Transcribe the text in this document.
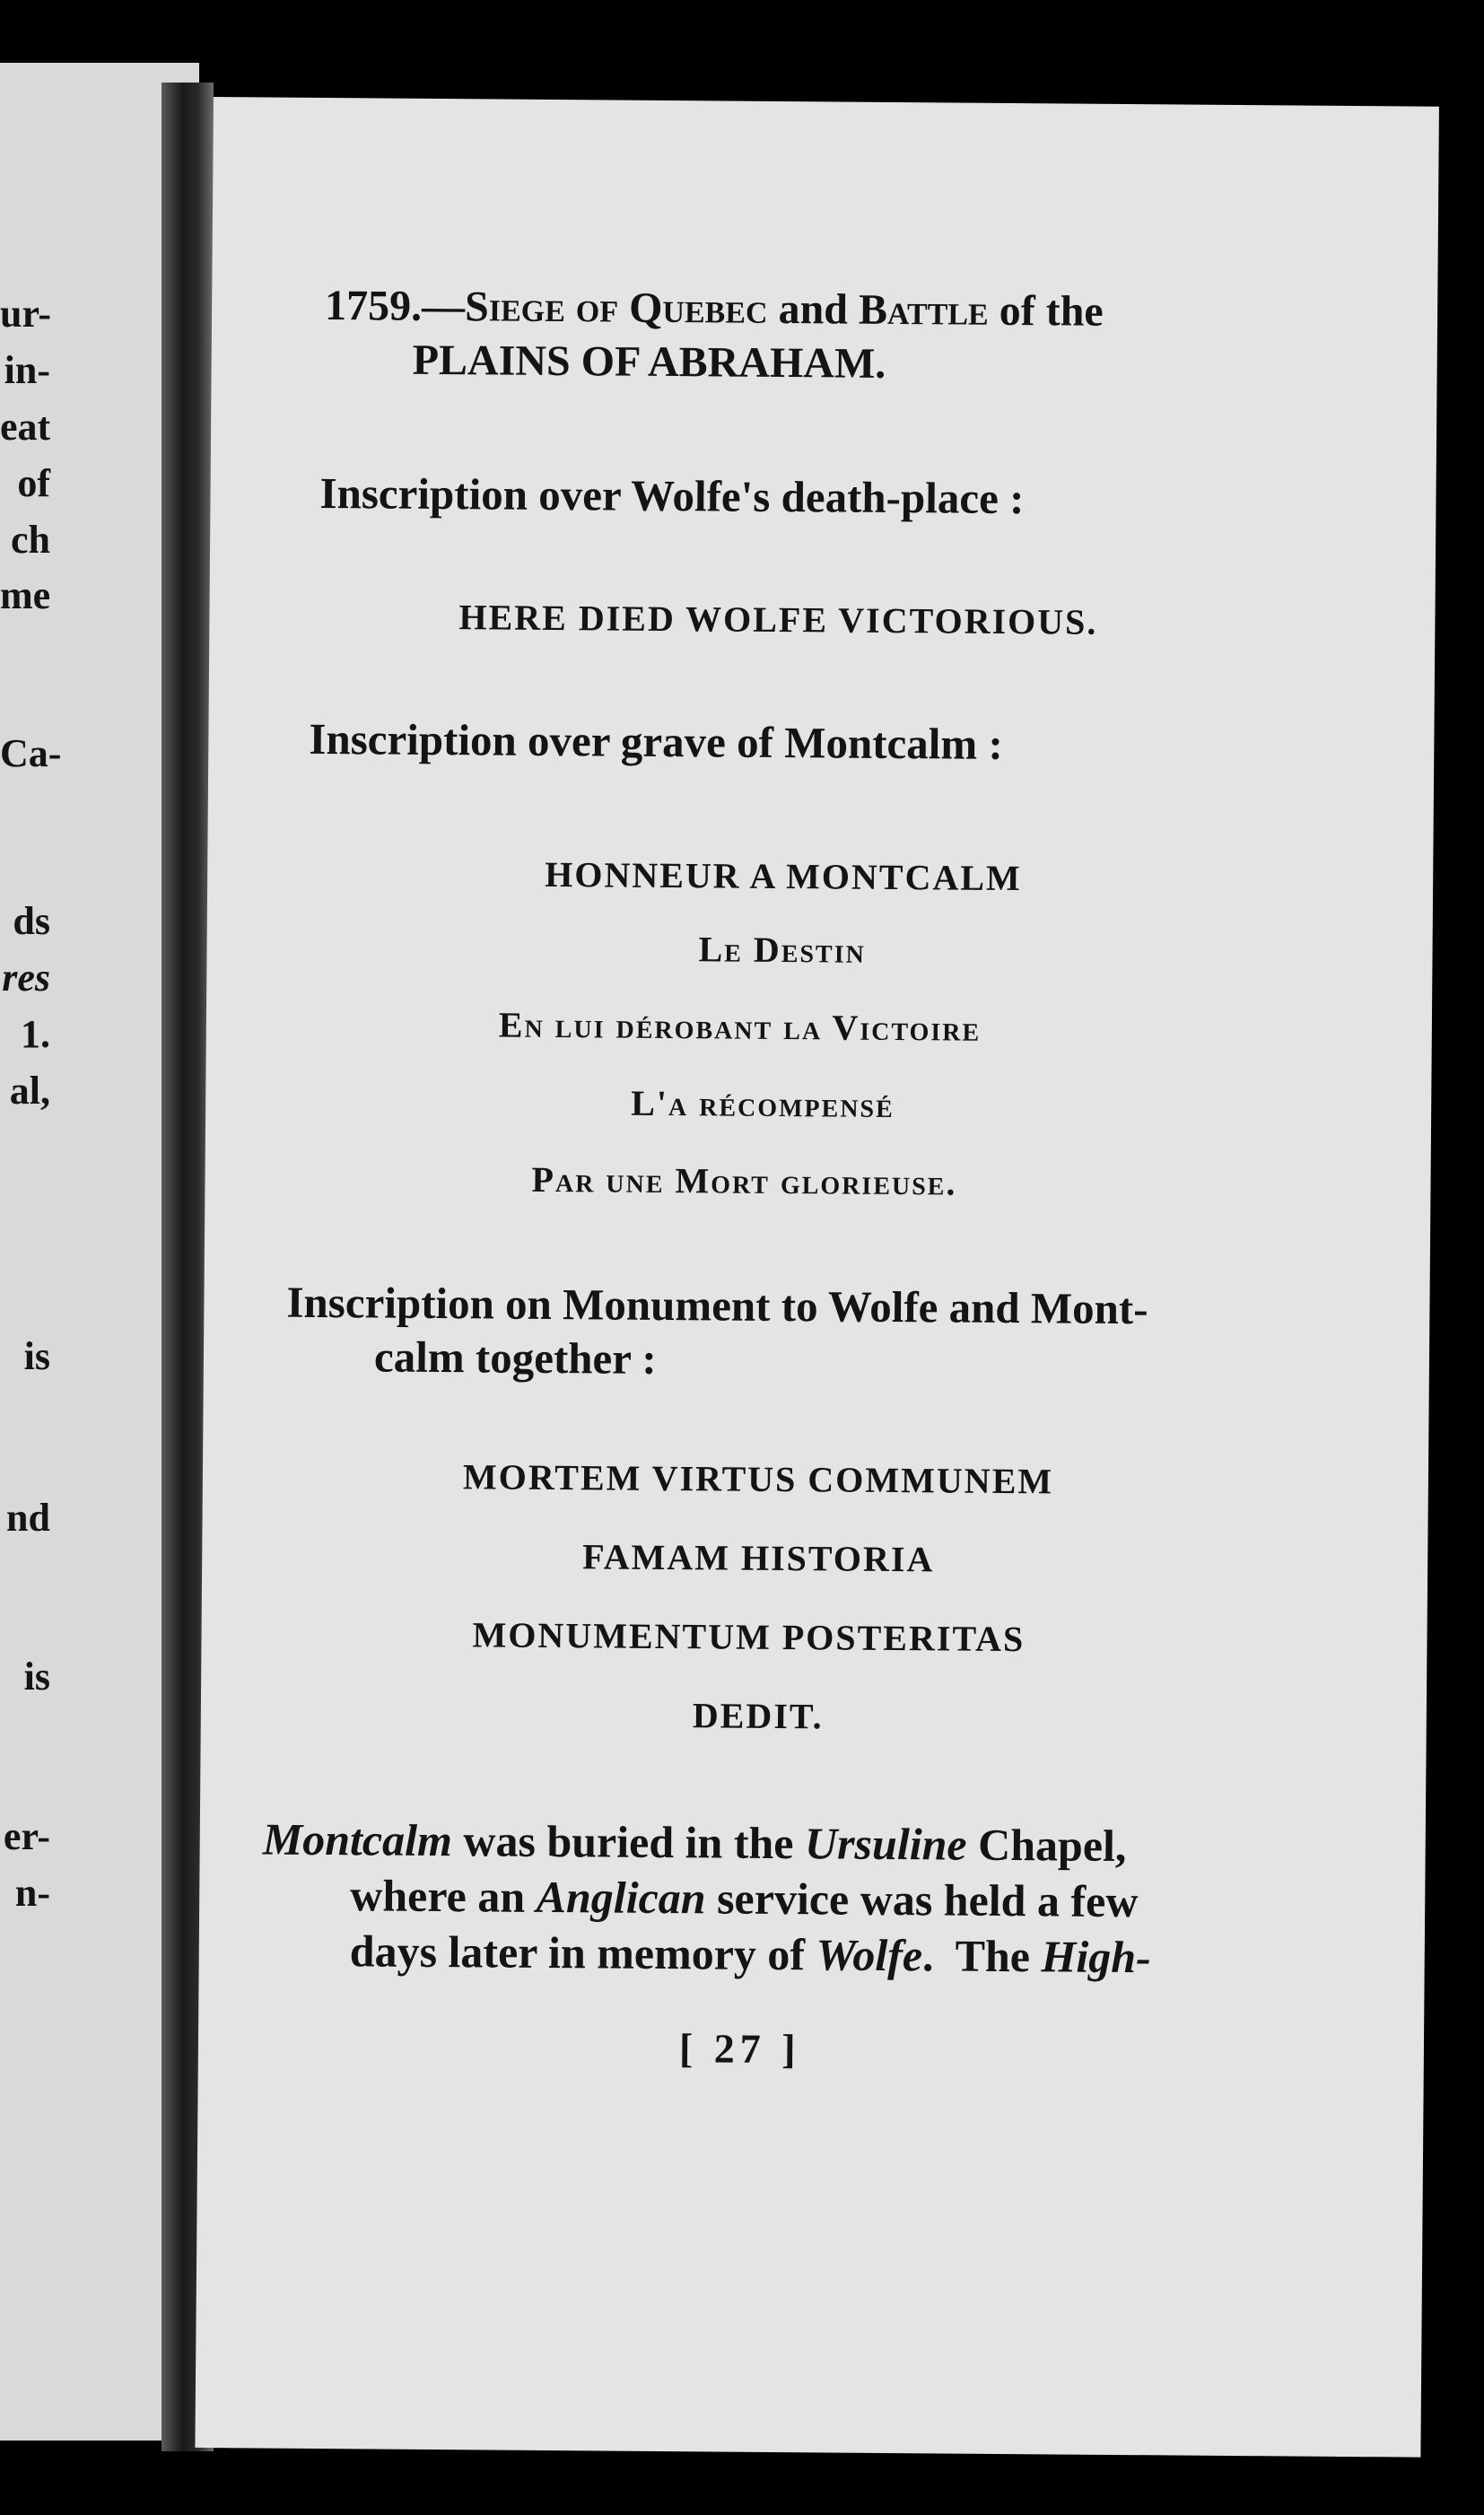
ur-
in-
eat
of
ch
me
Ca-
ds
res
1.
al,
is
nd
is
er-
n-
1759.—Siege of Quebec and Battle of the
PLAINS OF ABRAHAM.
Inscription over Wolfe's death-place :
HERE DIED WOLFE VICTORIOUS.
Inscription over grave of Montcalm :
HONNEUR A MONTCALM
Le Destin
En lui dérobant la Victoire
L'a récompensé
Par une Mort glorieuse.
Inscription on Monument to Wolfe and Mont-
calm together :
MORTEM VIRTUS COMMUNEM
FAMAM HISTORIA
MONUMENTUM POSTERITAS
DEDIT.
Montcalm was buried in the Ursuline Chapel,
where an Anglican service was held a few
days later in memory of Wolfe.  The High-
[ 27 ]
